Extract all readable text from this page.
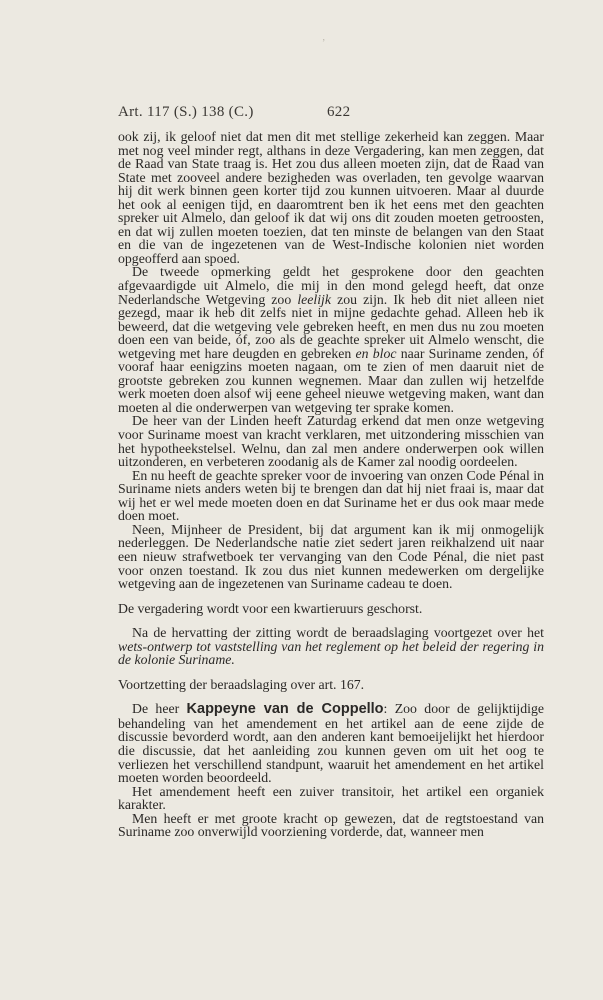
’
Art. 117 (S.) 138 (C.)	622

ook zij, ik geloof niet dat men dit met stellige zekerheid kan zeggen. Maar met nog veel minder regt, althans in deze Vergadering, kan men zeggen, dat de Raad van State traag is. Het zou dus alleen moeten zijn, dat de Raad van State met zooveel andere bezigheden was overladen, ten gevolge waarvan hij dit werk binnen geen korter tijd zou kunnen uitvoeren. Maar al duurde het ook al eenigen tijd, en daaromtrent ben ik het eens met den geachten spreker uit Almelo, dan geloof ik dat wij ons dit zouden moeten getroosten, en dat wij zullen moeten toezien, dat ten minste de belangen van den Staat en die van de ingezetenen van de West-Indische kolonien niet worden opgeofferd aan spoed.

De tweede opmerking geldt het gesprokene door den geachten afgevaardigde uit Almelo, die mij in den mond gelegd heeft, dat onze Nederlandsche Wetgeving zoo leelijk zou zijn. Ik heb dit niet alleen niet gezegd, maar ik heb dit zelfs niet in mijne gedachte gehad. Alleen heb ik beweerd, dat die wetgeving vele gebreken heeft, en men dus nu zou moeten doen een van beide, óf, zoo als de geachte spreker uit Almelo wenscht, die wetgeving met hare deugden en gebreken en bloc naar Suriname zenden, óf vooraf haar eenigzins moeten nagaan, om te zien of men daaruit niet de grootste gebreken zou kunnen wegnemen. Maar dan zullen wij hetzelfde werk moeten doen alsof wij eene geheel nieuwe wetgeving maken, want dan moeten al die onderwerpen van wetgeving ter sprake komen.

De heer van der Linden heeft Zaturdag erkend dat men onze wetgeving voor Suriname moest van kracht verklaren, met uitzondering misschien van het hypotheekstelsel. Welnu, dan zal men andere onderwerpen ook willen uitzonderen, en verbeteren zoodanig als de Kamer zal noodig oordeelen.

En nu heeft de geachte spreker voor de invoering van onzen Code Pénal in Suriname niets anders weten bij te brengen dan dat hij niet fraai is, maar dat wij het er wel mede moeten doen en dat Suriname het er dus ook maar mede doen moet.

Neen, Mijnheer de President, bij dat argument kan ik mij onmogelijk nederleggen. De Nederlandsche natie ziet sedert jaren reikhalzend uit naar een nieuw strafwetboek ter vervanging van den Code Pénal, die niet past voor onzen toestand. Ik zou dus niet kunnen medewerken om dergelijke wetgeving aan de ingezetenen van Suriname cadeau te doen.

De vergadering wordt voor een kwartieruurs geschorst.

Na de hervatting der zitting wordt de beraadslaging voortgezet over het wets-ontwerp tot vaststelling van het reglement op het beleid der regering in de kolonie Suriname.

Voortzetting der beraadslaging over art. 167.

De heer Kappeyne van de Coppello: Zoo door de gelijktijdige behandeling van het amendement en het artikel aan de eene zijde de discussie bevorderd wordt, aan den anderen kant bemoeijelijkt het hierdoor die discussie, dat het aanleiding zou kunnen geven om uit het oog te verliezen het verschillend standpunt, waaruit het amendement en het artikel moeten worden beoordeeld.

Het amendement heeft een zuiver transitoir, het artikel een organiek karakter.

Men heeft er met groote kracht op gewezen, dat de regtstoestand van Suriname zoo onverwijld voorziening vorderde, dat, wanneer men
